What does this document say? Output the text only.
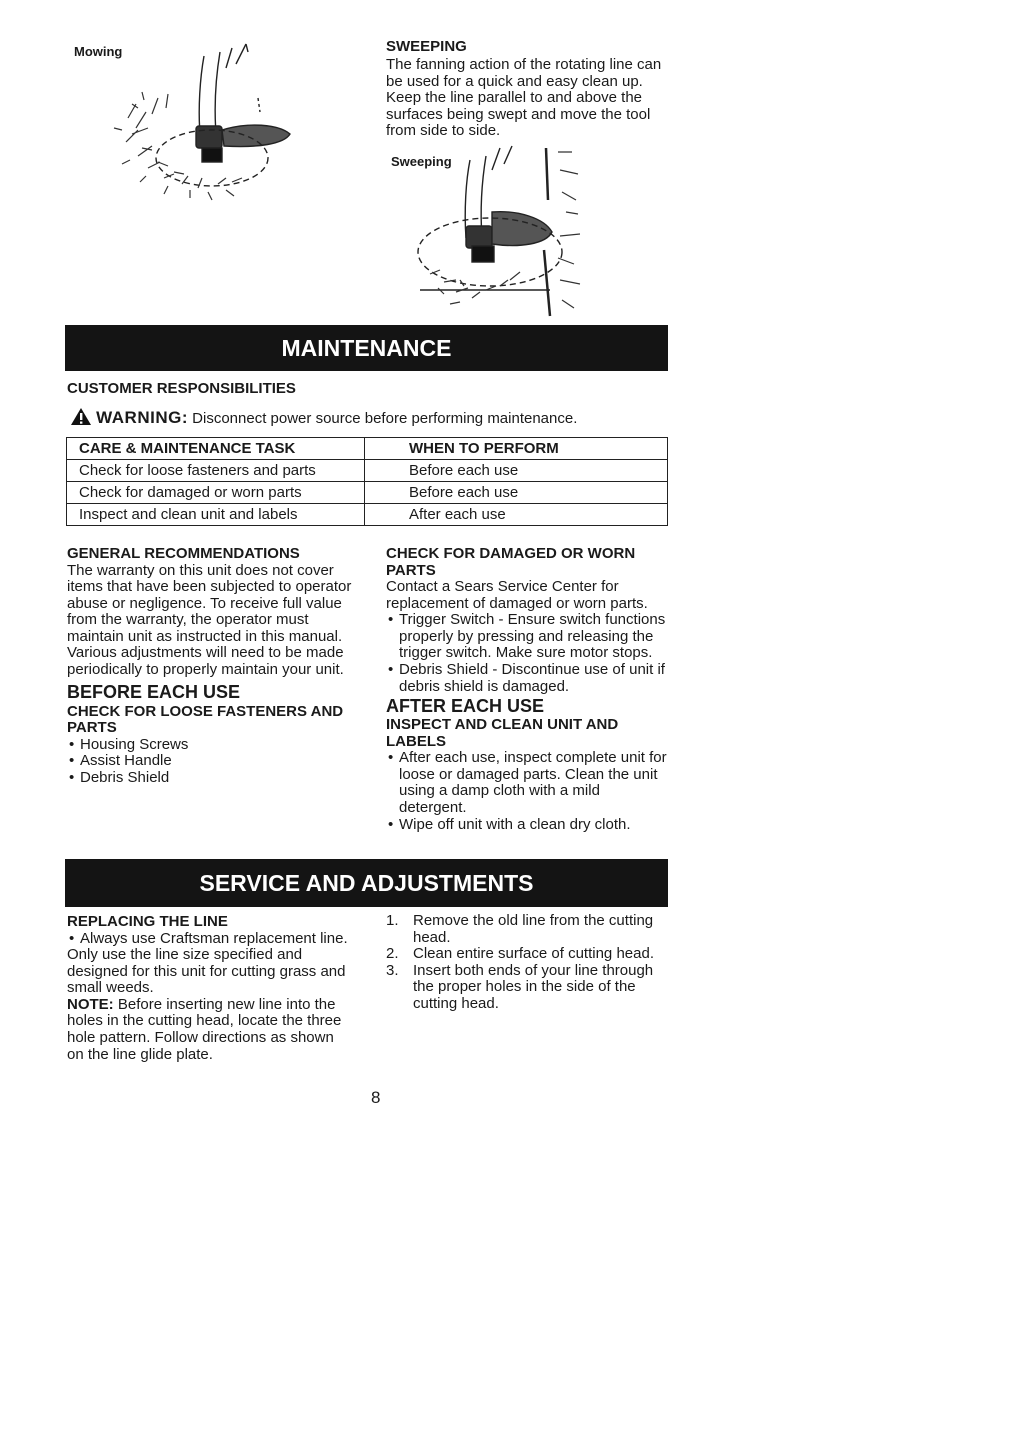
Mowing	SWEEPING
The fanning action of the rotating line can be used for a quick and easy clean up. Keep the line parallel to and above the surfaces being swept and move the tool from side to side.
Sweeping
MAINTENANCE
CUSTOMER RESPONSIBILITIES
WARNING: Disconnect power source before performing maintenance.
CARE & MAINTENANCE TASK	WHEN TO PERFORM
Check for loose fasteners and parts	Before each use
Check for damaged or worn parts	Before each use
Inspect and clean unit and labels	After each use
GENERAL RECOMMENDATIONS
The warranty on this unit does not cover items that have been subjected to operator abuse or negligence. To receive full value from the warranty, the operator must maintain unit as instructed in this manual. Various adjustments will need to be made periodically to properly maintain your unit.
BEFORE EACH USE
CHECK FOR LOOSE FASTENERS AND PARTS
• Housing Screws
• Assist Handle
• Debris Shield
CHECK FOR DAMAGED OR WORN PARTS
Contact a Sears Service Center for replacement of damaged or worn parts.
• Trigger Switch - Ensure switch functions properly by pressing and releasing the trigger switch. Make sure motor stops.
• Debris Shield - Discontinue use of unit if debris shield is damaged.
AFTER EACH USE
INSPECT AND CLEAN UNIT AND LABELS
• After each use, inspect complete unit for loose or damaged parts. Clean the unit using a damp cloth with a mild detergent.
• Wipe off unit with a clean dry cloth.
SERVICE AND ADJUSTMENTS
REPLACING THE LINE
• Always use Craftsman replacement line.
Only use the line size specified and designed for this unit for cutting grass and small weeds.
NOTE: Before inserting new line into the holes in the cutting head, locate the three hole pattern. Follow directions as shown on the line glide plate.
1. Remove the old line from the cutting head.
2. Clean entire surface of cutting head.
3. Insert both ends of your line through the proper holes in the side of the cutting head.
8
